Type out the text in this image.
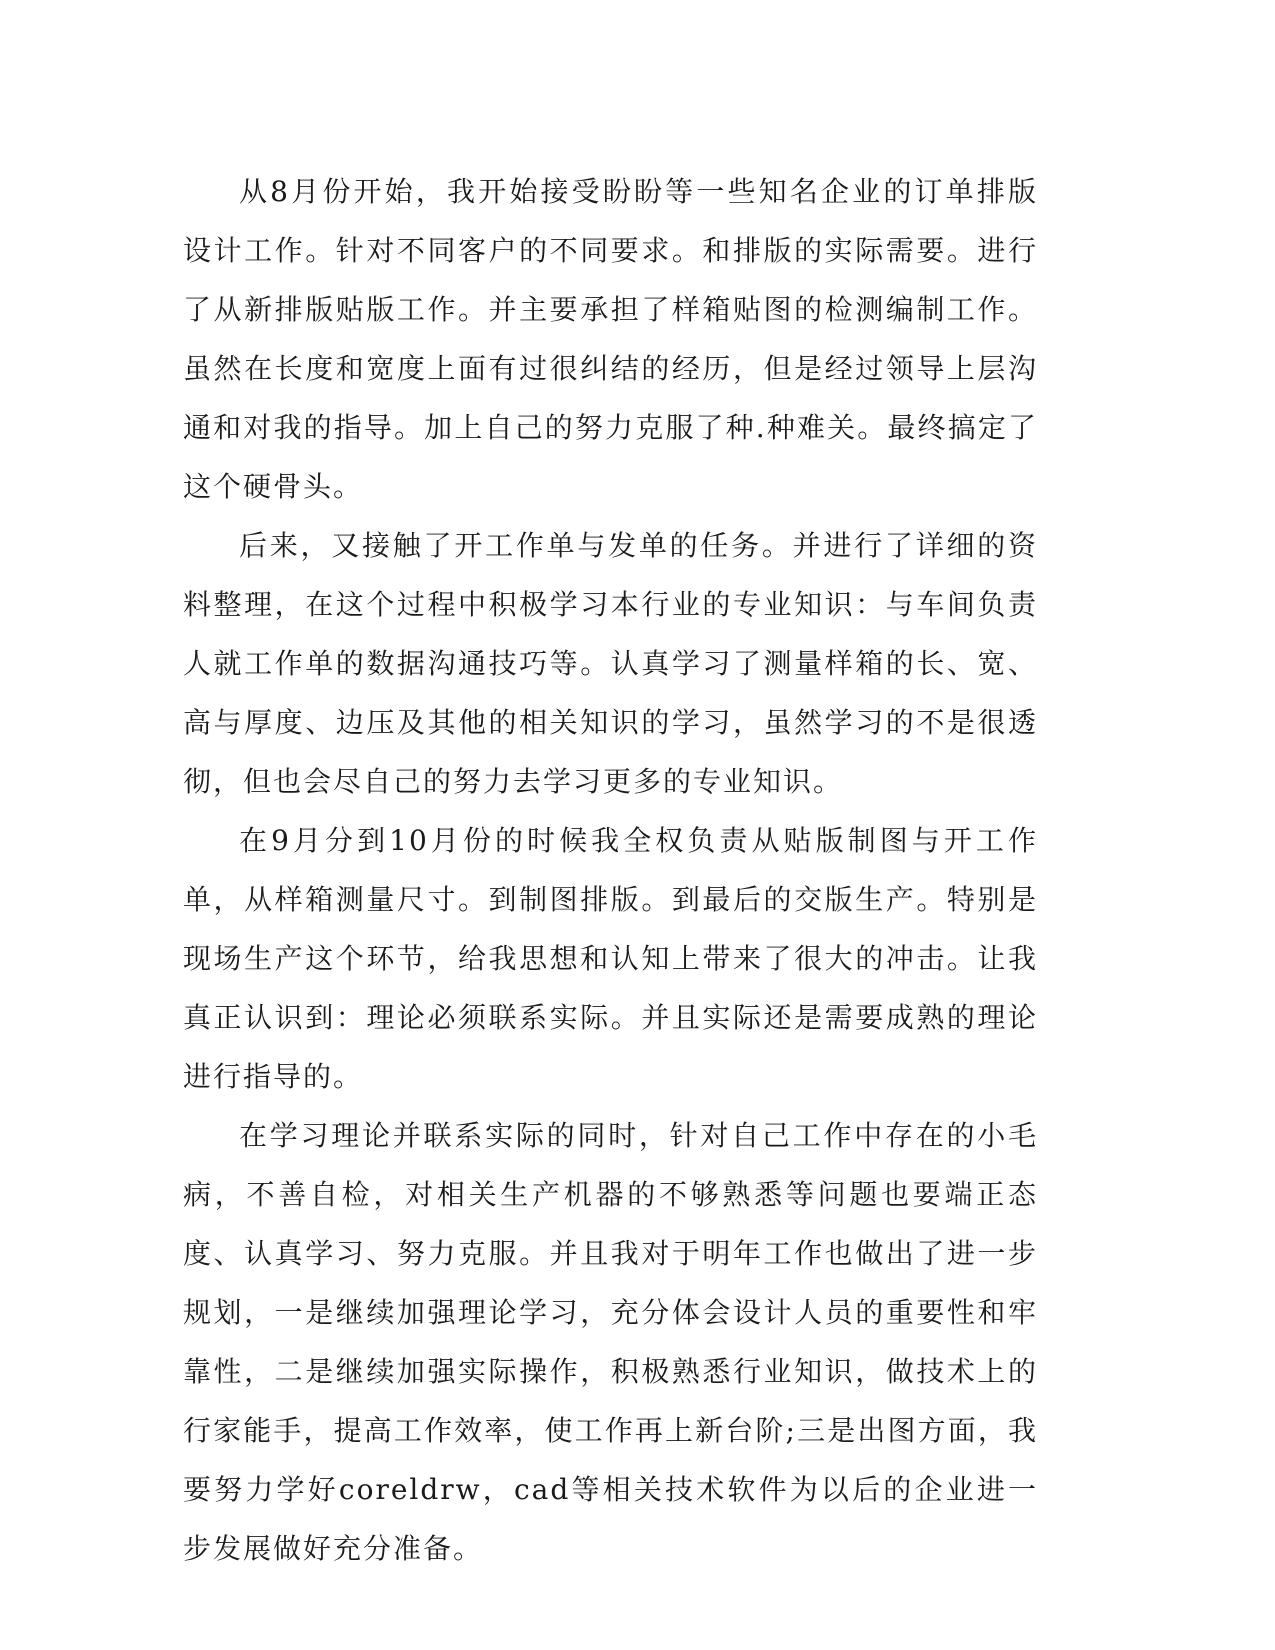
从8月份开始，我开始接受盼盼等一些知名企业的订单排版设计工作。针对不同客户的不同要求。和排版的实际需要。进行了从新排版贴版工作。并主要承担了样箱贴图的检测编制工作。虽然在长度和宽度上面有过很纠结的经历，但是经过领导上层沟通和对我的指导。加上自己的努力克服了种.种难关。最终搞定了这个硬骨头。

后来，又接触了开工作单与发单的任务。并进行了详细的资料整理，在这个过程中积极学习本行业的专业知识：与车间负责人就工作单的数据沟通技巧等。认真学习了测量样箱的长、宽、高与厚度、边压及其他的相关知识的学习，虽然学习的不是很透彻，但也会尽自己的努力去学习更多的专业知识。

在9月分到10月份的时候我全权负责从贴版制图与开工作单，从样箱测量尺寸。到制图排版。到最后的交版生产。特别是现场生产这个环节，给我思想和认知上带来了很大的冲击。让我真正认识到：理论必须联系实际。并且实际还是需要成熟的理论进行指导的。

在学习理论并联系实际的同时，针对自己工作中存在的小毛病，不善自检，对相关生产机器的不够熟悉等问题也要端正态度、认真学习、努力克服。并且我对于明年工作也做出了进一步规划，一是继续加强理论学习，充分体会设计人员的重要性和牢靠性，二是继续加强实际操作，积极熟悉行业知识，做技术上的行家能手，提高工作效率，使工作再上新台阶;三是出图方面，我要努力学好coreldrw，cad等相关技术软件为以后的企业进一步发展做好充分准备。
